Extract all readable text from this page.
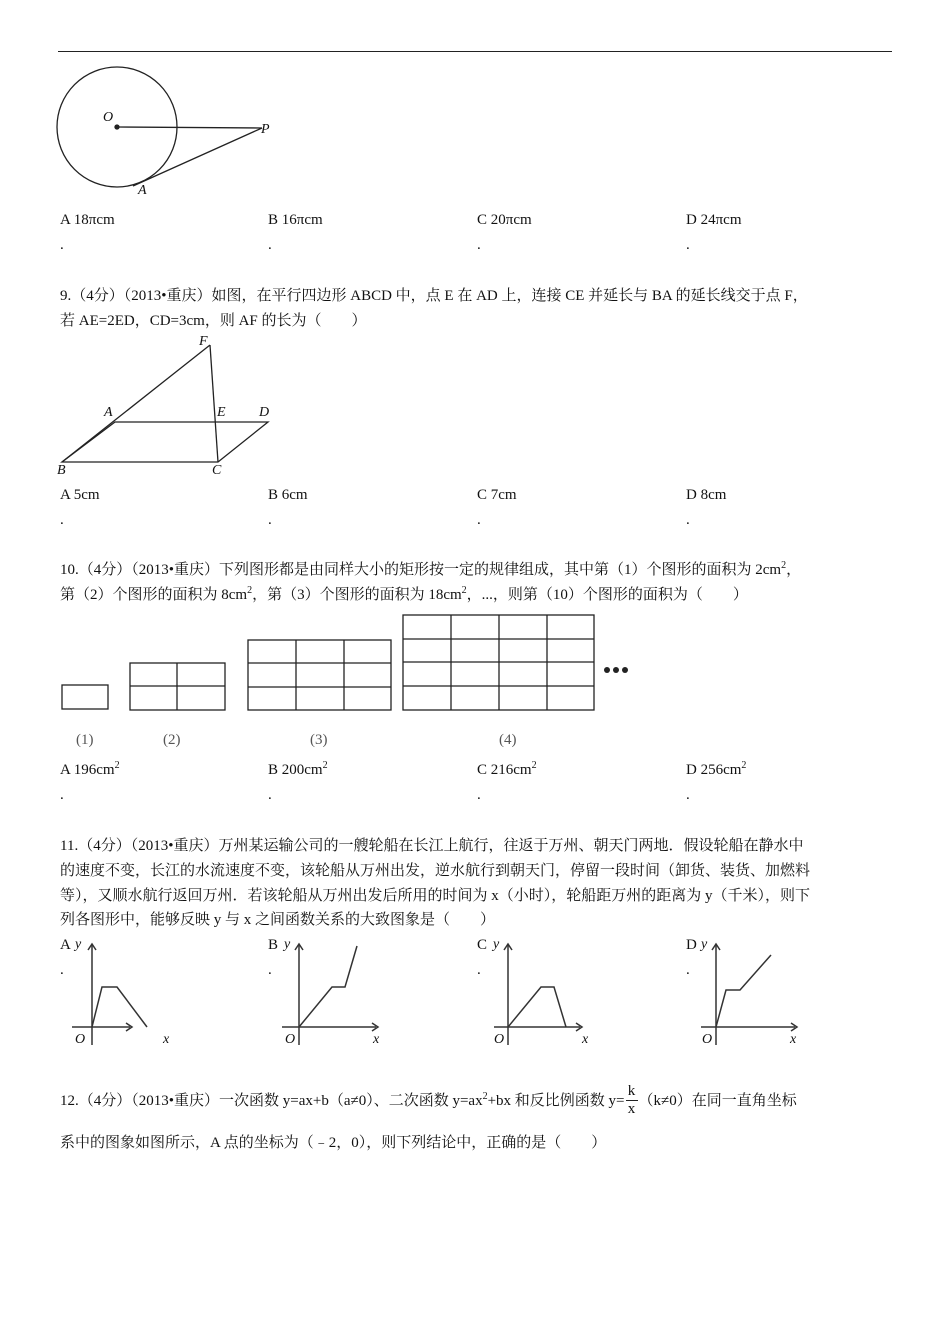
O
P
A
A 18πcm	B 16πcm	C 20πcm	D 24πcm
.	.	.	.
9.（4分）（2013•重庆）如图，在平行四边形 ABCD 中，点 E 在 AD 上，连接 CE 并延长与 BA 的延长线交于点 F，
若 AE=2ED，CD=3cm，则 AF 的长为（　　）
F
A	E D
B	C
A 5cm	B 6cm	C 7cm	D 8cm
.	.	.	.
10.（4分）（2013•重庆）下列图形都是由同样大小的矩形按一定的规律组成，其中第（1）个图形的面积为 $2cm^2$，
第（2）个图形的面积为 $8cm^2$，第（3）个图形的面积为 $18cm^2$，...，则第（10）个图形的面积为（　　）
(1)	(2)	(3)	(4)
A $196cm^2$	B $200cm^2$	C $216cm^2$	D $256cm^2$
.	.	.	.
11.（4分）（2013•重庆）万州某运输公司的一艘轮船在长江上航行，往返于万州、朝天门两地．假设轮船在静水中
的速度不变，长江的水流速度不变，该轮船从万州出发，逆水航行到朝天门，停留一段时间（卸货、装货、加燃料
等），又顺水航行返回万州．若该轮船从万州出发后所用的时间为 x（小时），轮船距万州的距离为 y（千米），则下
列各图形中，能够反映 y 与 x 之间函数关系的大致图象是（　　）
A	B	C	D
.	.	.	.
y	y	y	y
O	O	O	O
x	x	x	x
12.（4分）（2013•重庆）一次函数 y=ax+b（a≠0）、二次函数 y=ax 2 +bx 和反比例函数 y=
k
x
（k≠0）在同一直角坐标
系中的图象如图所示，A 点的坐标为（﹣2，0），则下列结论中，正确的是（　　）
